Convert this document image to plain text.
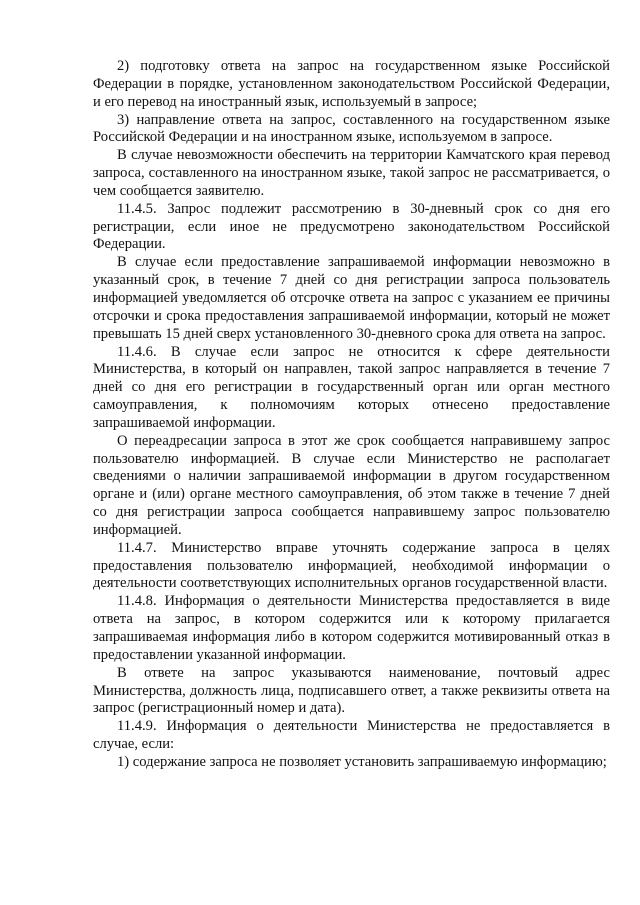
2) подготовку ответа на запрос на государственном языке Российской Федерации в порядке, установленном законодательством Российской Федерации, и его перевод на иностранный язык, используемый в запросе;

3) направление ответа на запрос, составленного на государственном языке Российской Федерации и на иностранном языке, используемом в запросе.

В случае невозможности обеспечить на территории Камчатского края перевод запроса, составленного на иностранном языке, такой запрос не рассматривается, о чем сообщается заявителю.

11.4.5. Запрос подлежит рассмотрению в 30-дневный срок со дня его регистрации, если иное не предусмотрено законодательством Российской Федерации.

В случае если предоставление запрашиваемой информации невозможно в указанный срок, в течение 7 дней со дня регистрации запроса пользователь информацией уведомляется об отсрочке ответа на запрос с указанием ее причины отсрочки и срока предоставления запрашиваемой информации, который не может превышать 15 дней сверх установленного 30-дневного срока для ответа на запрос.

11.4.6. В случае если запрос не относится к сфере деятельности Министерства, в который он направлен, такой запрос направляется в течение 7 дней со дня его регистрации в государственный орган или орган местного самоуправления, к полномочиям которых отнесено предоставление запрашиваемой информации.

О переадресации запроса в этот же срок сообщается направившему запрос пользователю информацией. В случае если Министерство не располагает сведениями о наличии запрашиваемой информации в другом государственном органе и (или) органе местного самоуправления, об этом также в течение 7 дней со дня регистрации запроса сообщается направившему запрос пользователю информацией.

11.4.7. Министерство вправе уточнять содержание запроса в целях предоставления пользователю информацией, необходимой информации о деятельности соответствующих исполнительных органов государственной власти.

11.4.8. Информация о деятельности Министерства предоставляется в виде ответа на запрос, в котором содержится или к которому прилагается запрашиваемая информация либо в котором содержится мотивированный отказ в предоставлении указанной информации.

В ответе на запрос указываются наименование, почтовый адрес Министерства, должность лица, подписавшего ответ, а также реквизиты ответа на запрос (регистрационный номер и дата).

11.4.9. Информация о деятельности Министерства не предоставляется в случае, если:

1) содержание запроса не позволяет установить запрашиваемую информацию;
